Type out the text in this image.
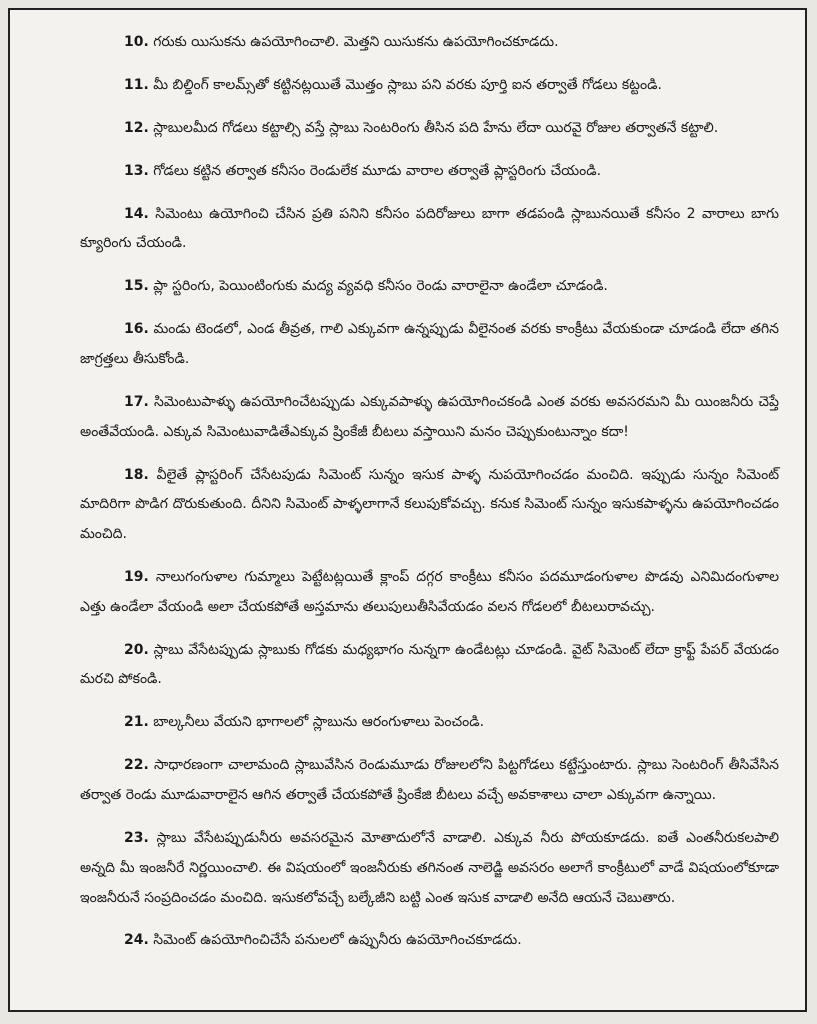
10. గరుకు యిసుకను ఉపయోగించాలి. మెత్తని యిసుకను ఉపయోగించకూడదు.

11. మీ బిల్డింగ్ కాలమ్స్‌తో కట్టినట్లయితే మొత్తం స్లాబు పని వరకు పూర్తి ఐన తర్వాతే గోడలు కట్టండి.

12. స్లాబులమీద గోడలు కట్టాల్సి వస్తే స్లాబు సెంటరింగు తీసిన పది హేను లేదా యిరవై రోజుల తర్వాతనే కట్టాలి.

13. గోడలు కట్టిన తర్వాత కనీసం రెండులేక మూడు వారాల తర్వాతే ప్లాస్టరింగు చేయండి.

14. సిమెంటు ఉయోగించి చేసిన ప్రతి పనిని కనీసం పదిరోజులు బాగా తడపండి స్లాబునయితే కనీసం 2 వారాలు బాగు క్యూరింగు చేయండి.

15. ప్లా స్టరింగు, పెయింటింగుకు మద్య వ్యవధి కనీసం రెండు వారాలైనా ఉండేలా చూడండి.

16. మండు టెండలో, ఎండ తీవ్రత, గాలి ఎక్కువగా ఉన్నప్పుడు వీలైనంత వరకు కాంక్రీటు వేయకుండా చూడండి లేదా తగిన జాగ్రత్తలు తీసుకోండి.

17. సిమెంటుపాళ్ళు ఉపయోగించేటప్పుడు ఎక్కువపాళ్ళు ఉపయోగించకండి ఎంత వరకు అవసరమని మీ యింజనీరు చెప్తే అంతేవేయండి. ఎక్కువ సిమెంటువాడితేఎక్కువ ష్రింకేజీ బీటలు వస్తాయిని మనం చెప్పుకుంటున్నాం కదా!

18. వీలైతే ప్లాస్టరింగ్ చేసేటపుడు సిమెంట్ సున్నం ఇసుక పాళ్ళ నుపయోగించడం మంచిది. ఇప్పుడు సున్నం సిమెంట్ మాదిరిగా పొడిగ దొరుకుతుంది. దీనిని సిమెంట్ పాళ్ళలాగానే కలుపుకోవచ్చు. కనుక సిమెంట్ సున్నం ఇసుకపాళ్ళను ఉపయోగించడం మంచిది.

19. నాలుగంగుళాల గుమ్మాలు పెట్టేటట్లయితే క్లాంప్ దగ్గర కాంక్రీటు కనీసం పదమూడంగుళాల పొడవు ఎనిమిదంగుళాల ఎత్తు ఉండేలా వేయండి అలా చేయకపోతే అస్తమాను తలుపులుతీసివేయడం వలన గోడలలో బీటలురావచ్చు.

20. స్లాబు వేసేటప్పుడు స్లాబుకు గోడకు మధ్యభాగం నున్నగా ఉండేటట్లు చూడండి. వైట్ సిమెంట్ లేదా క్రాఫ్ట్ పేపర్ వేయడం మరచి పోకండి.

21. బాల్కనీలు వేయని భాగాలలో స్లాబును ఆరంగుళాలు పెంచండి.

22. సాధారణంగా చాలామంది స్లాబువేసిన రెండుమూడు రోజులలోని పిట్టగోడలు కట్టేస్తుంటారు. స్లాబు సెంటరింగ్ తీసివేసిన తర్వాత రెండు మూడువారాలైన ఆగిన తర్వాతే చేయకపోతే ష్రింకేజి బీటలు వచ్చే అవకాశాలు చాలా ఎక్కువగా ఉన్నాయి.

23. స్లాబు వేసేటప్పుడునీరు అవసరమైన మోతాదులోనే వాడాలి. ఎక్కువ నీరు పోయకూడదు. ఐతే ఎంతనీరుకలపాలి అన్నది మీ ఇంజనీరే నిర్ణయించాలి. ఈ విషయంలో ఇంజనీరుకు తగినంత నాలెడ్జి అవసరం అలాగే కాంక్రీటులో వాడే విషయంలోకూడా ఇంజనీరునే సంప్రదించడం మంచిది. ఇసుకలోవచ్చే బల్కేజీని బట్టి ఎంత ఇసుక వాడాలి అనేది ఆయనే చెబుతారు.

24. సిమెంట్ ఉపయోగించిచేసే పనులలో ఉప్పునీరు ఉపయోగించకూడదు.
